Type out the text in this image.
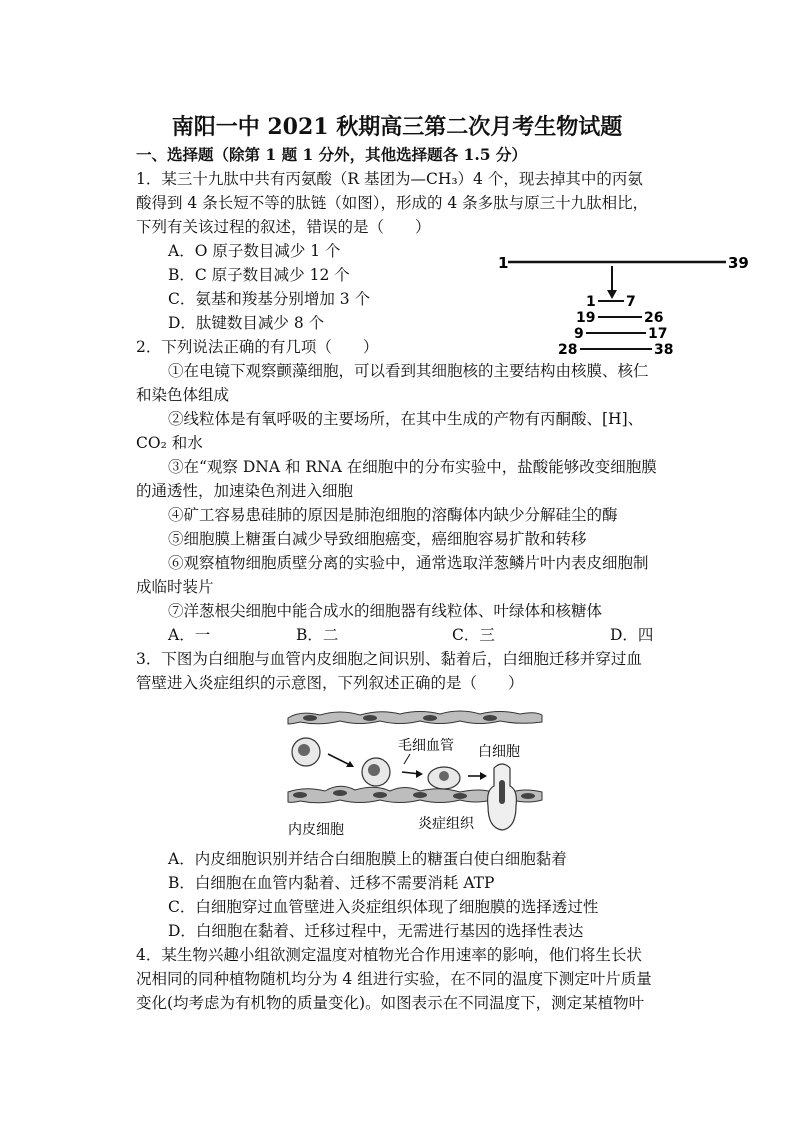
南阳一中 2021 秋期高三第二次月考生物试题
一、选择题（除第 1 题 1 分外，其他选择题各 1.5 分）
1．某三十九肽中共有丙氨酸（R 基团为—CH₃）4 个，现去掉其中的丙氨
酸得到 4 条长短不等的肽链（如图），形成的 4 条多肽与原三十九肽相比，
下列有关该过程的叙述，错误的是（　　）
A．O 原子数目减少 1 个
B．C 原子数目减少 12 个
C．氨基和羧基分别增加 3 个
D．肽键数目减少 8 个
1	39
1 7
19	26
9	17
28	38
2．下列说法正确的有几项（　　）
①在电镜下观察颤藻细胞，可以看到其细胞核的主要结构由核膜、核仁
和染色体组成
②线粒体是有氧呼吸的主要场所，在其中生成的产物有丙酮酸、[H]、
CO₂ 和水
③在“观察 DNA 和 RNA 在细胞中的分布实验中，盐酸能够改变细胞膜
的通透性，加速染色剂进入细胞
④矿工容易患硅肺的原因是肺泡细胞的溶酶体内缺少分解硅尘的酶
⑤细胞膜上糖蛋白减少导致细胞癌变，癌细胞容易扩散和转移
⑥观察植物细胞质壁分离的实验中，通常选取洋葱鳞片叶内表皮细胞制
成临时装片
⑦洋葱根尖细胞中能合成水的细胞器有线粒体、叶绿体和核糖体
A．一	B．二	C．三	D．四
3．下图为白细胞与血管内皮细胞之间识别、黏着后，白细胞迁移并穿过血
管壁进入炎症组织的示意图，下列叙述正确的是（　　）
毛细血管 白细胞
内皮细胞	炎症组织
A．内皮细胞识别并结合白细胞膜上的糖蛋白使白细胞黏着
B．白细胞在血管内黏着、迁移不需要消耗 ATP
C．白细胞穿过血管壁进入炎症组织体现了细胞膜的选择透过性
D．白细胞在黏着、迁移过程中，无需进行基因的选择性表达
4．某生物兴趣小组欲测定温度对植物光合作用速率的影响，他们将生长状
况相同的同种植物随机均分为 4 组进行实验，在不同的温度下测定叶片质量
变化(均考虑为有机物的质量变化)。如图表示在不同温度下，测定某植物叶
